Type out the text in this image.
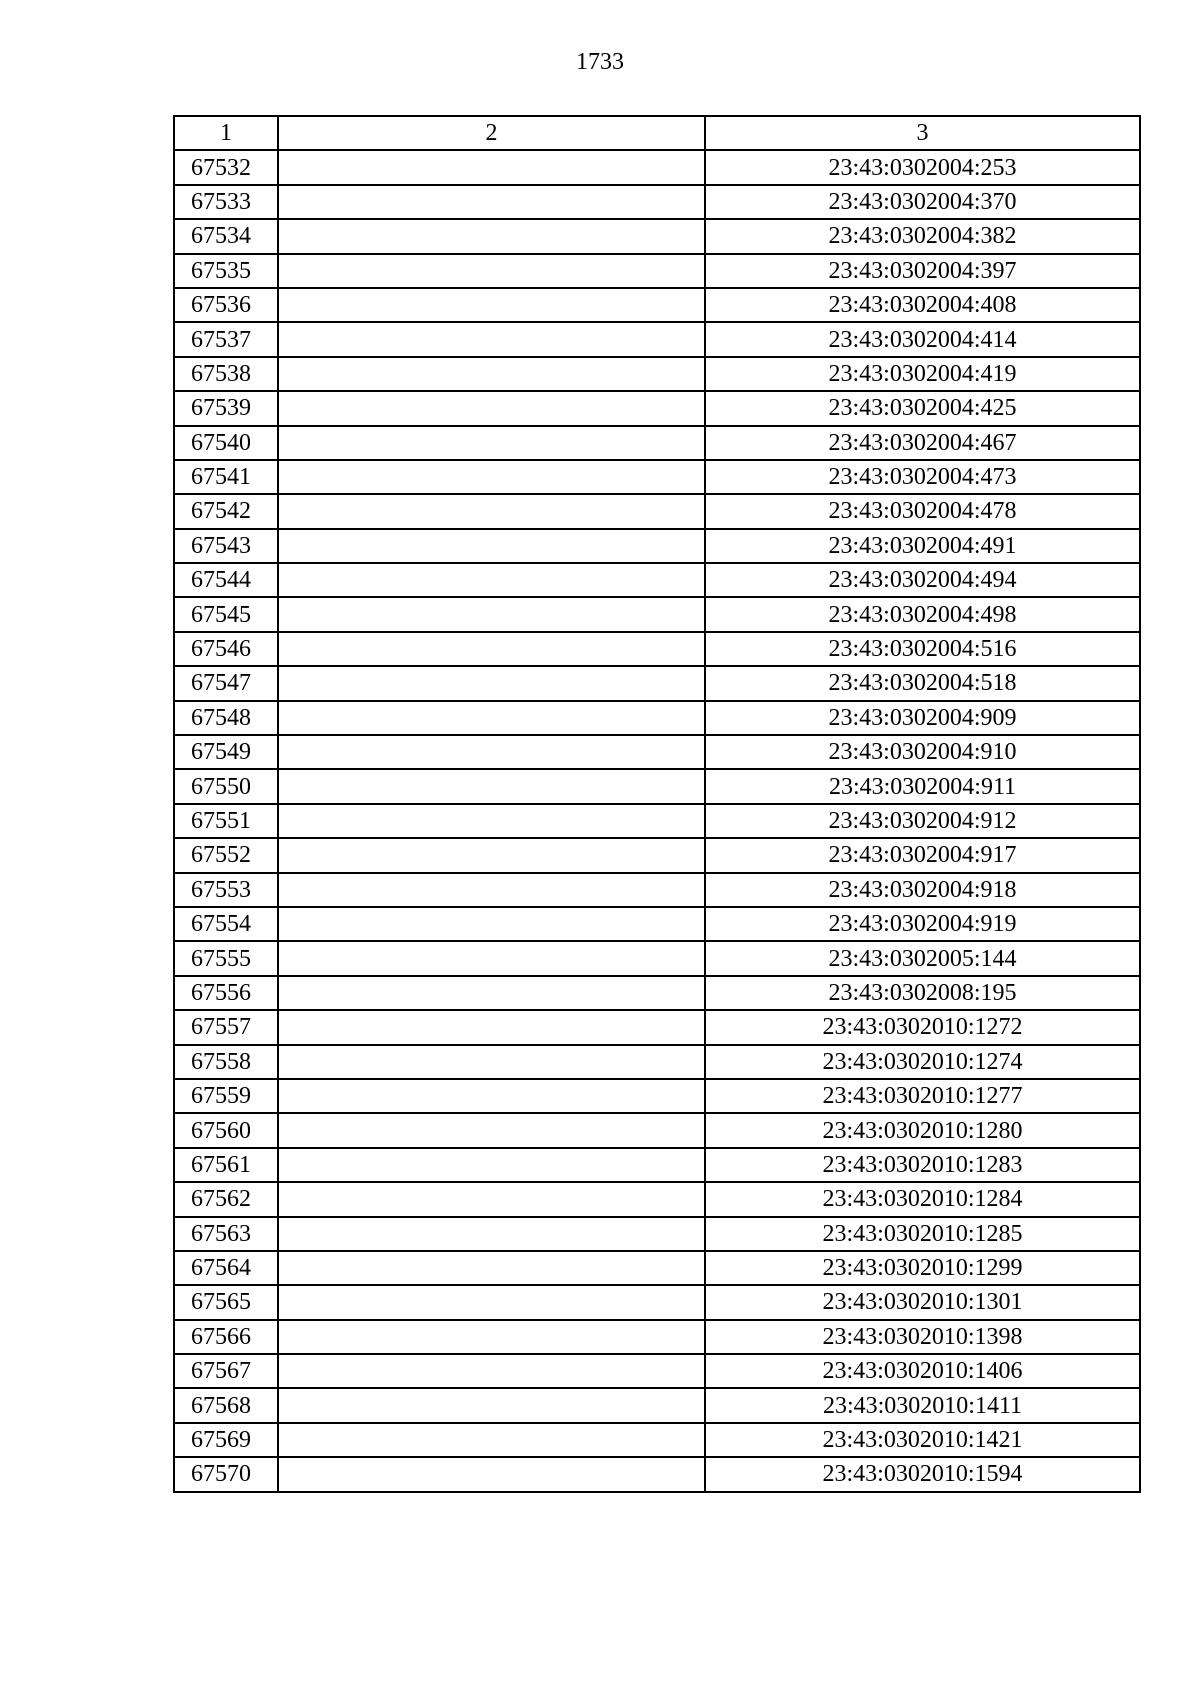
1733
1	2	3
67532		23:43:0302004:253
67533		23:43:0302004:370
67534		23:43:0302004:382
67535		23:43:0302004:397
67536		23:43:0302004:408
67537		23:43:0302004:414
67538		23:43:0302004:419
67539		23:43:0302004:425
67540		23:43:0302004:467
67541		23:43:0302004:473
67542		23:43:0302004:478
67543		23:43:0302004:491
67544		23:43:0302004:494
67545		23:43:0302004:498
67546		23:43:0302004:516
67547		23:43:0302004:518
67548		23:43:0302004:909
67549		23:43:0302004:910
67550		23:43:0302004:911
67551		23:43:0302004:912
67552		23:43:0302004:917
67553		23:43:0302004:918
67554		23:43:0302004:919
67555		23:43:0302005:144
67556		23:43:0302008:195
67557		23:43:0302010:1272
67558		23:43:0302010:1274
67559		23:43:0302010:1277
67560		23:43:0302010:1280
67561		23:43:0302010:1283
67562		23:43:0302010:1284
67563		23:43:0302010:1285
67564		23:43:0302010:1299
67565		23:43:0302010:1301
67566		23:43:0302010:1398
67567		23:43:0302010:1406
67568		23:43:0302010:1411
67569		23:43:0302010:1421
67570		23:43:0302010:1594
